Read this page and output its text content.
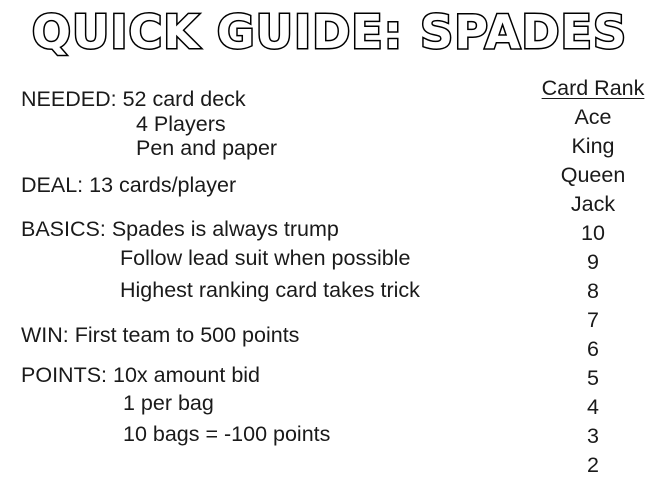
QUICK GUIDE: SPADES
NEEDED: 52 card deck
4 Players
Pen and paper
DEAL: 13 cards/player
BASICS: Spades is always trump
Follow lead suit when possible
Highest ranking card takes trick
WIN: First team to 500 points
POINTS: 10x amount bid
1 per bag
10 bags = -100 points
Card Rank
Ace
King
Queen
Jack
10
9
8
7
6
5
4
3
2
